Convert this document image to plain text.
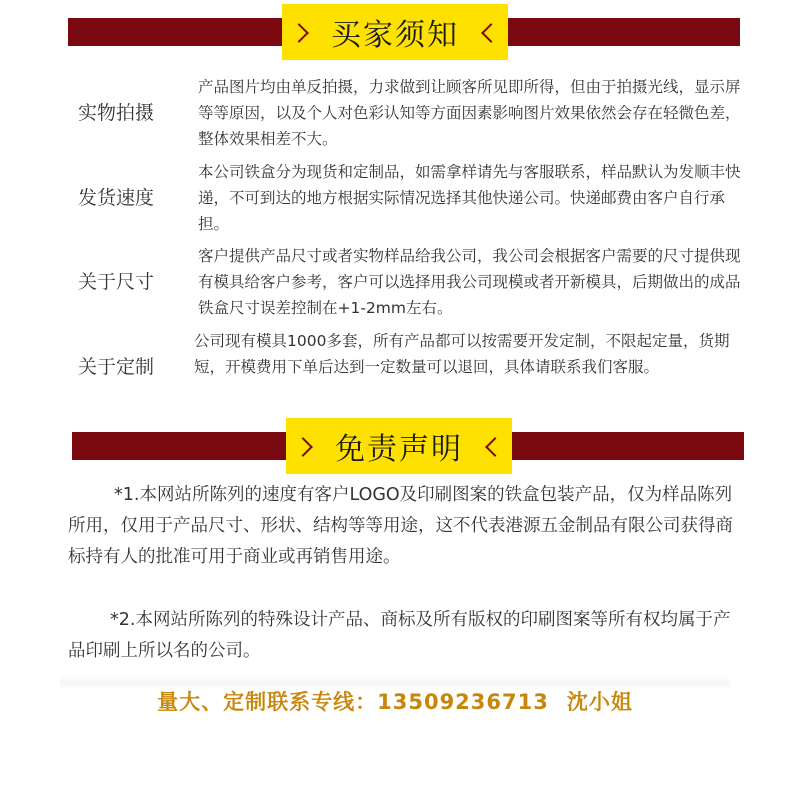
买家须知
实物拍摄
产品图片均由单反拍摄，力求做到让顾客所见即所得，但由于拍摄光线，显示屏等等原因，以及个人对色彩认知等方面因素影响图片效果依然会存在轻微色差，整体效果相差不大。
发货速度
本公司铁盒分为现货和定制品，如需拿样请先与客服联系，样品默认为发顺丰快递，不可到达的地方根据实际情况选择其他快递公司。快递邮费由客户自行承担。
关于尺寸
客户提供产品尺寸或者实物样品给我公司，我公司会根据客户需要的尺寸提供现有模具给客户参考，客户可以选择用我公司现模或者开新模具，后期做出的成品铁盒尺寸误差控制在+1-2mm左右。
关于定制
公司现有模具1000多套，所有产品都可以按需要开发定制，不限起定量，货期短，开模费用下单后达到一定数量可以退回，具体请联系我们客服。
免责声明
*1.本网站所陈列的速度有客户LOGO及印刷图案的铁盒包装产品，仅为样品陈列所用，仅用于产品尺寸、形状、结构等等用途，这不代表港源五金制品有限公司获得商标持有人的批准可用于商业或再销售用途。
*2.本网站所陈列的特殊设计产品、商标及所有版权的印刷图案等所有权均属于产品印刷上所以名的公司。
量大、定制联系专线：13509236713 沈小姐
